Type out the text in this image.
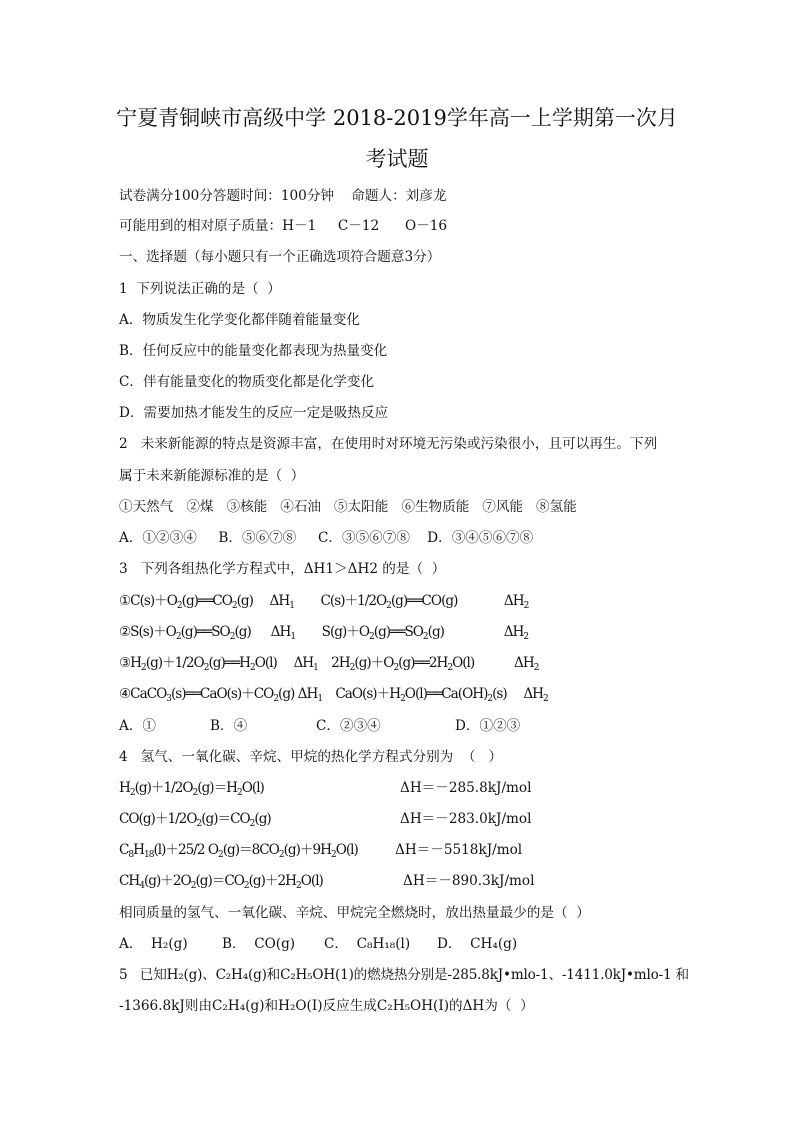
宁夏青铜峡市高级中学 2018-2019学年高一上学期第一次月
考试题
试卷满分100分答题时间：100分钟    命题人：刘彦龙
可能用到的相对原子质量：H－1     C－12      O－16
一、选择题（每小题只有一个正确选项符合题意3分）
1  下列说法正确的是（  ）
A．物质发生化学变化都伴随着能量变化
B．任何反应中的能量变化都表现为热量变化
C．伴有能量变化的物质变化都是化学变化
D．需要加热才能发生的反应一定是吸热反应
2   未来新能源的特点是资源丰富，在使用时对环境无污染或污染很小，且可以再生。下列
属于未来新能源标准的是（  ）
①天然气   ②煤   ③核能   ④石油   ⑤太阳能   ⑥生物质能   ⑦风能   ⑧氢能
A．①②③④     B．⑤⑥⑦⑧     C．③⑤⑥⑦⑧    D．③④⑤⑥⑦⑧
3   下列各组热化学方程式中，ΔH1＞ΔH2 的是（  ）
$①C(s)+O_2(g)══CO_2(g)$     $\Delta H_1$        $C(s)+1/2O_2(g)══CO(g)$              $\Delta H_2$
$②S(s)+O_2(g)══SO_2(g)$      $\Delta H_1$        $S(g)+O_2(g)══SO_2(g)$                  $\Delta H_2$
$③H_2(g)+1/2O_2(g)══H_2O(l)$     $\Delta H_1$    $2H_2(g)+O_2(g)══2H_2O(l)$            $\Delta H_2$
$④CaCO_3(s)══CaO(s)+CO_2(g)$ $\Delta H_1$    $CaO(s)+H_2O(l)══Ca(OH)_2(s)$     $\Delta H_2$
A．①	B．④	C．②③④	D．①②③
4   氢气、一氧化碳、辛烷、甲烷的热化学方程式分别为  （   ）
$H_2(g)+1/2O_2(g)=H_2O(l)$	ΔH＝－285.8kJ/mol
$CO(g)+1/2O_2(g)=CO_2(g)$	ΔH＝－283.0kJ/mol
$C_8H_{18}(l)+25/2$ $O_2(g)=8CO_2(g)+9H_2O(l)$	ΔH＝－5518kJ/mol
$CH_4(g)+2O_2(g)=CO_2(g)+2H_2O(l)$	ΔH＝－890.3kJ/mol
相同质量的氢气、一氧化碳、辛烷、甲烷完全燃烧时，放出热量最少的是（  ）
A．  H₂(g)	B．  CO(g) C．  C₈H₁₈(l) D．  CH₄(g)
5   已知H₂(g)、C₂H₄(g)和C₂H₅OH(1)的燃烧热分别是-285.8kJ•mlo-1、-1411.0kJ•mlo-1 和
-1366.8kJ则由C₂H₄(g)和H₂O(I)反应生成C₂H₅OH(I)的ΔH为（  ）
